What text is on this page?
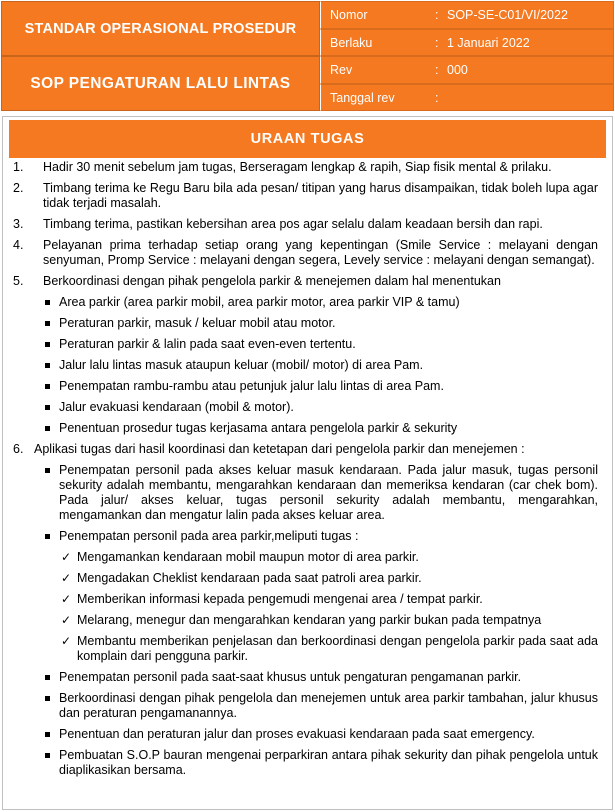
STANDAR OPERASIONAL PROSEDUR
SOP PENGATURAN LALU LINTAS
Nomor	: SOP-SE-C01/VI/2022
Berlaku	: 1 Januari 2022
Rev	: 000
Tanggal rev	:
URAAN TUGAS
1. Hadir 30 menit sebelum jam tugas, Berseragam lengkap & rapih, Siap fisik mental & prilaku.
2. Timbang terima ke Regu Baru bila ada pesan/ titipan yang harus disampaikan, tidak boleh lupa agar tidak terjadi masalah.
3. Timbang terima, pastikan kebersihan area pos agar selalu dalam keadaan bersih dan rapi.
4. Pelayanan prima terhadap setiap orang yang kepentingan (Smile Service : melayani dengan senyuman, Promp Service : melayani dengan segera, Levely service : melayani dengan semangat).
5. Berkoordinasi dengan pihak pengelola parkir & menejemen dalam hal menentukan
Area parkir (area parkir mobil, area parkir motor, area parkir VIP & tamu)
Peraturan parkir, masuk / keluar mobil atau motor.
Peraturan parkir & lalin pada saat even-even tertentu.
Jalur lalu lintas masuk ataupun keluar (mobil/ motor) di area Pam.
Penempatan rambu-rambu atau petunjuk jalur lalu lintas di area Pam.
Jalur evakuasi kendaraan (mobil & motor).
Penentuan prosedur tugas kerjasama antara pengelola parkir & sekurity
6. Aplikasi tugas dari hasil koordinasi dan ketetapan dari pengelola parkir dan menejemen :
Penempatan personil pada akses keluar masuk kendaraan. Pada jalur masuk, tugas personil sekurity adalah membantu, mengarahkan kendaraan dan memeriksa kendaran (car chek bom). Pada jalur/ akses keluar, tugas personil sekurity adalah membantu, mengarahkan, mengamankan dan mengatur lalin pada akses keluar area.
Penempatan personil pada area parkir,meliputi tugas :
✓ Mengamankan kendaraan mobil maupun motor di area parkir.
✓ Mengadakan Cheklist kendaraan pada saat patroli area parkir.
✓ Memberikan informasi kepada pengemudi mengenai area / tempat parkir.
✓ Melarang, menegur dan mengarahkan kendaran yang parkir bukan pada tempatnya
✓ Membantu memberikan penjelasan dan berkoordinasi dengan pengelola parkir pada saat ada komplain dari pengguna parkir.
Penempatan personil pada saat-saat khusus untuk pengaturan pengamanan parkir.
Berkoordinasi dengan pihak pengelola dan menejemen untuk area parkir tambahan, jalur khusus dan peraturan pengamanannya.
Penentuan dan peraturan jalur dan proses evakuasi kendaraan pada saat emergency.
Pembuatan S.O.P bauran mengenai perparkiran antara pihak sekurity dan pihak pengelola untuk diaplikasikan bersama.
